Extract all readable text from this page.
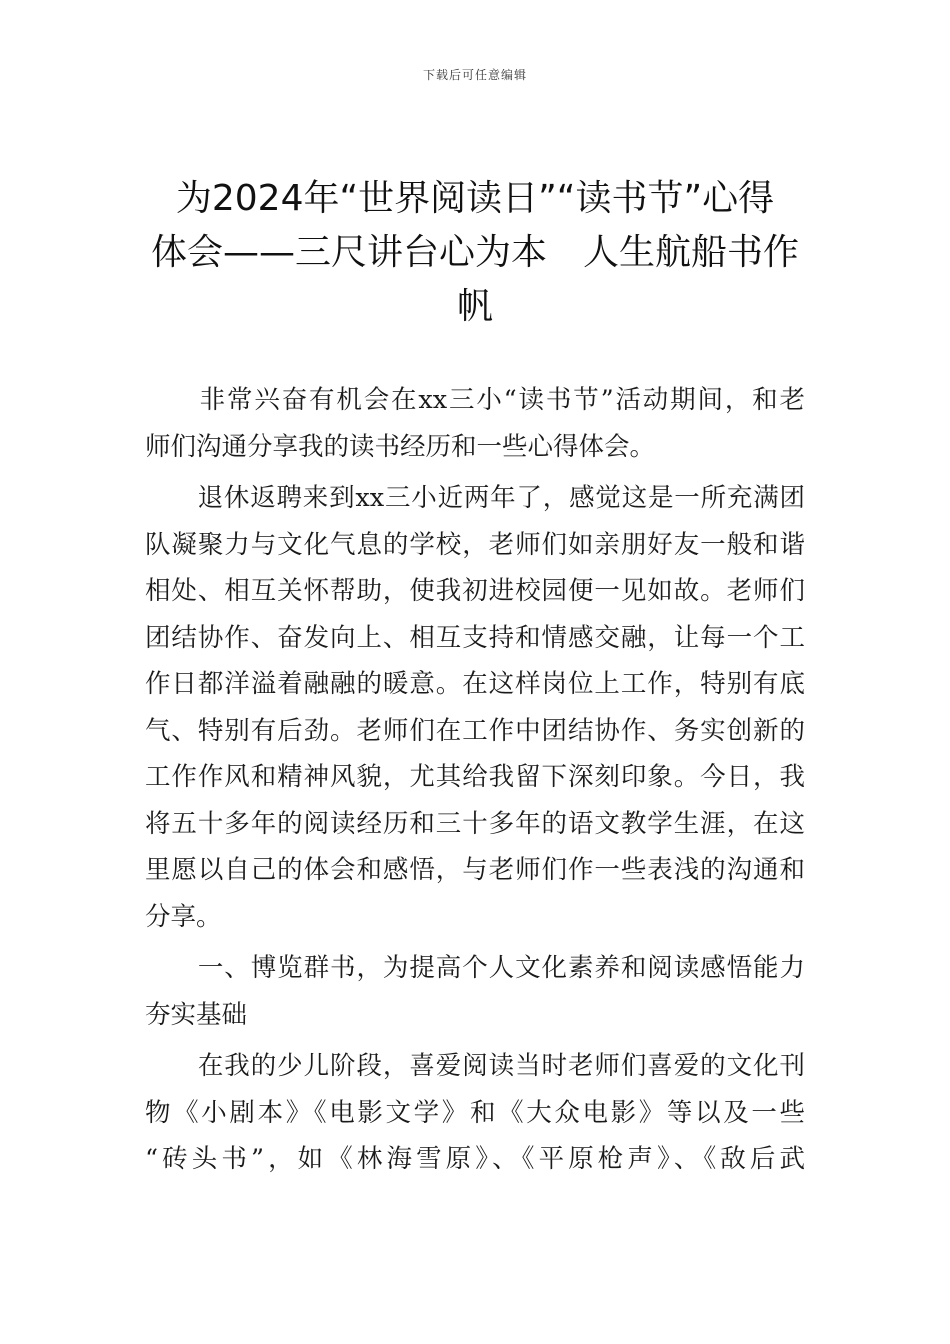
下载后可任意编辑
为2024年“世界阅读日”“读书节”心得
体会——三尺讲台心为本　人生航船书作
帆
　　非常兴奋有机会在xx三小“读书节”活动期间，和老
师们沟通分享我的读书经历和一些心得体会。
　　退休返聘来到xx三小近两年了，感觉这是一所充满团
队凝聚力与文化气息的学校，老师们如亲朋好友一般和谐
相处、相互关怀帮助，使我初进校园便一见如故。老师们
团结协作、奋发向上、相互支持和情感交融，让每一个工
作日都洋溢着融融的暖意。在这样岗位上工作，特别有底
气、特别有后劲。老师们在工作中团结协作、务实创新的
工作作风和精神风貌，尤其给我留下深刻印象。今日，我
将五十多年的阅读经历和三十多年的语文教学生涯，在这
里愿以自己的体会和感悟，与老师们作一些表浅的沟通和
分享。
　　一、博览群书，为提高个人文化素养和阅读感悟能力
夯实基础
　　在我的少儿阶段，喜爱阅读当时老师们喜爱的文化刊
物《小剧本》《电影文学》和《大众电影》等以及一些
“砖头书”，如《林海雪原》、《平原枪声》、《敌后武
